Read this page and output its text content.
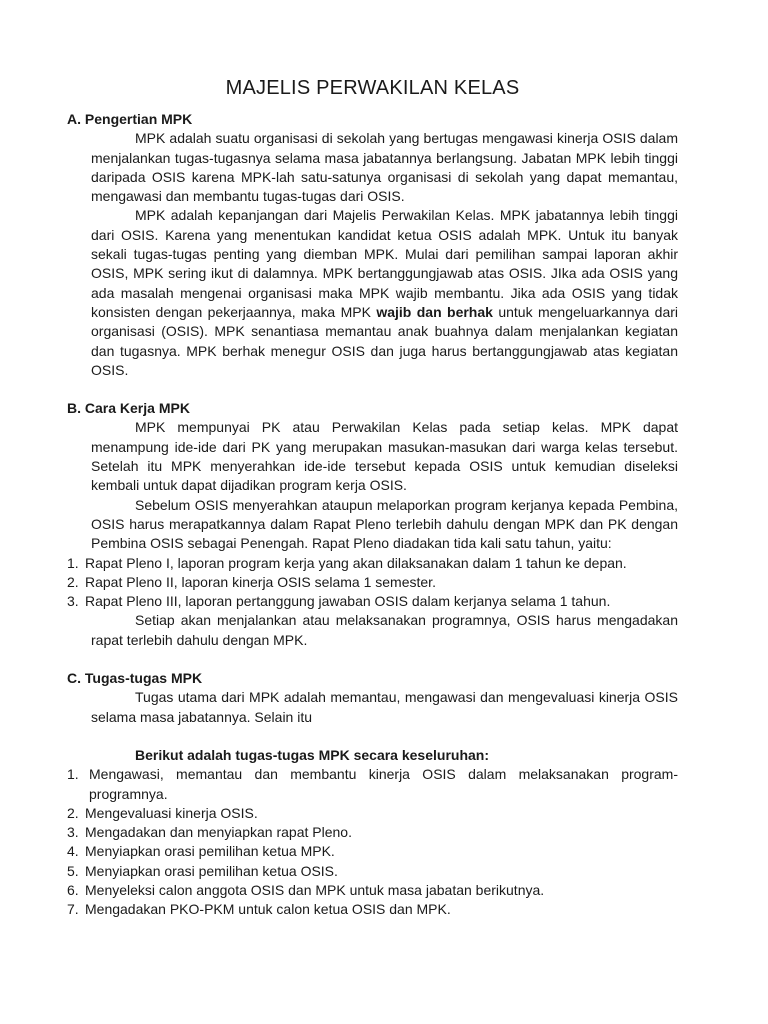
MAJELIS PERWAKILAN KELAS

A. Pengertian MPK

MPK adalah suatu organisasi di sekolah yang bertugas mengawasi kinerja OSIS dalam menjalankan tugas-tugasnya selama masa jabatannya berlangsung. Jabatan MPK lebih tinggi daripada OSIS karena MPK-lah satu-satunya organisasi di sekolah yang dapat memantau, mengawasi dan membantu tugas-tugas dari OSIS.

MPK adalah kepanjangan dari Majelis Perwakilan Kelas. MPK jabatannya lebih tinggi dari OSIS. Karena yang menentukan kandidat ketua OSIS adalah MPK. Untuk itu banyak sekali tugas-tugas penting yang diemban MPK. Mulai dari pemilihan sampai laporan akhir OSIS, MPK sering ikut di dalamnya. MPK bertanggungjawab atas OSIS. JIka ada OSIS yang ada masalah mengenai organisasi maka MPK wajib membantu. Jika ada OSIS yang tidak konsisten dengan pekerjaannya, maka MPK wajib dan berhak untuk mengeluarkannya dari organisasi (OSIS). MPK senantiasa memantau anak buahnya dalam menjalankan kegiatan dan tugasnya. MPK berhak menegur OSIS dan juga harus bertanggungjawab atas kegiatan OSIS.

B. Cara Kerja MPK

MPK mempunyai PK atau Perwakilan Kelas pada setiap kelas. MPK dapat menampung ide-ide dari PK yang merupakan masukan-masukan dari warga kelas tersebut. Setelah itu MPK menyerahkan ide-ide tersebut kepada OSIS untuk kemudian diseleksi kembali untuk dapat dijadikan program kerja OSIS.

Sebelum OSIS menyerahkan ataupun melaporkan program kerjanya kepada Pembina, OSIS harus merapatkannya dalam Rapat Pleno terlebih dahulu dengan MPK dan PK dengan Pembina OSIS sebagai Penengah. Rapat Pleno diadakan tida kali satu tahun, yaitu:

1. Rapat Pleno I, laporan program kerja yang akan dilaksanakan dalam 1 tahun ke depan.
2. Rapat Pleno II, laporan kinerja OSIS selama 1 semester.
3. Rapat Pleno III, laporan pertanggung jawaban OSIS dalam kerjanya selama 1 tahun.

Setiap akan menjalankan atau melaksanakan programnya, OSIS harus mengadakan rapat terlebih dahulu dengan MPK.

C. Tugas-tugas MPK

Tugas utama dari MPK adalah memantau, mengawasi dan mengevaluasi kinerja OSIS selama masa jabatannya. Selain itu

Berikut adalah tugas-tugas MPK secara keseluruhan:

1. Mengawasi, memantau dan membantu kinerja OSIS dalam melaksanakan program-programnya.
2. Mengevaluasi kinerja OSIS.
3. Mengadakan dan menyiapkan rapat Pleno.
4. Menyiapkan orasi pemilihan ketua MPK.
5. Menyiapkan orasi pemilihan ketua OSIS.
6. Menyeleksi calon anggota OSIS dan MPK untuk masa jabatan berikutnya.
7. Mengadakan PKO-PKM untuk calon ketua OSIS dan MPK.
